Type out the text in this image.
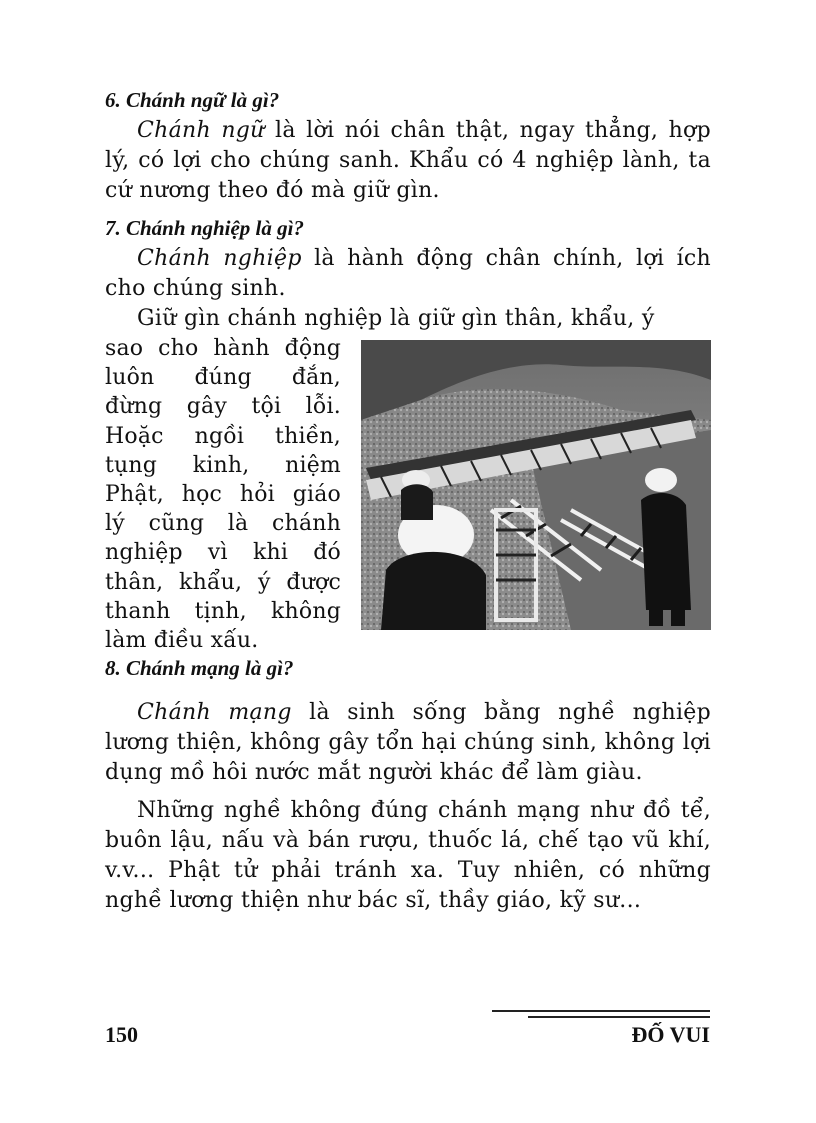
6. Chánh ngữ là gì?

Chánh ngữ là lời nói chân thật, ngay thẳng, hợp lý, có lợi cho chúng sanh. Khẩu có 4 nghiệp lành, ta cứ nương theo đó mà giữ gìn.

7. Chánh nghiệp là gì?

Chánh nghiệp là hành động chân chính, lợi ích cho chúng sinh.

Giữ gìn chánh nghiệp là giữ gìn thân, khẩu, ý

sao cho hành động
luôn đúng đắn,
đừng gây tội lỗi.
Hoặc ngồi thiền,
tụng kinh, niệm
Phật, học hỏi giáo
lý cũng là chánh
nghiệp vì khi đó
thân, khẩu, ý được
thanh tịnh, không
làm điều xấu.
8. Chánh mạng là gì?

Chánh mạng là sinh sống bằng nghề nghiệp lương thiện, không gây tổn hại chúng sinh, không lợi dụng mồ hôi nước mắt người khác để làm giàu.

Những nghề không đúng chánh mạng như đồ tể, buôn lậu, nấu và bán rượu, thuốc lá, chế tạo vũ khí, v.v... Phật tử phải tránh xa. Tuy nhiên, có những nghề lương thiện như bác sĩ, thầy giáo, kỹ sư...

150	ĐỐ VUI
